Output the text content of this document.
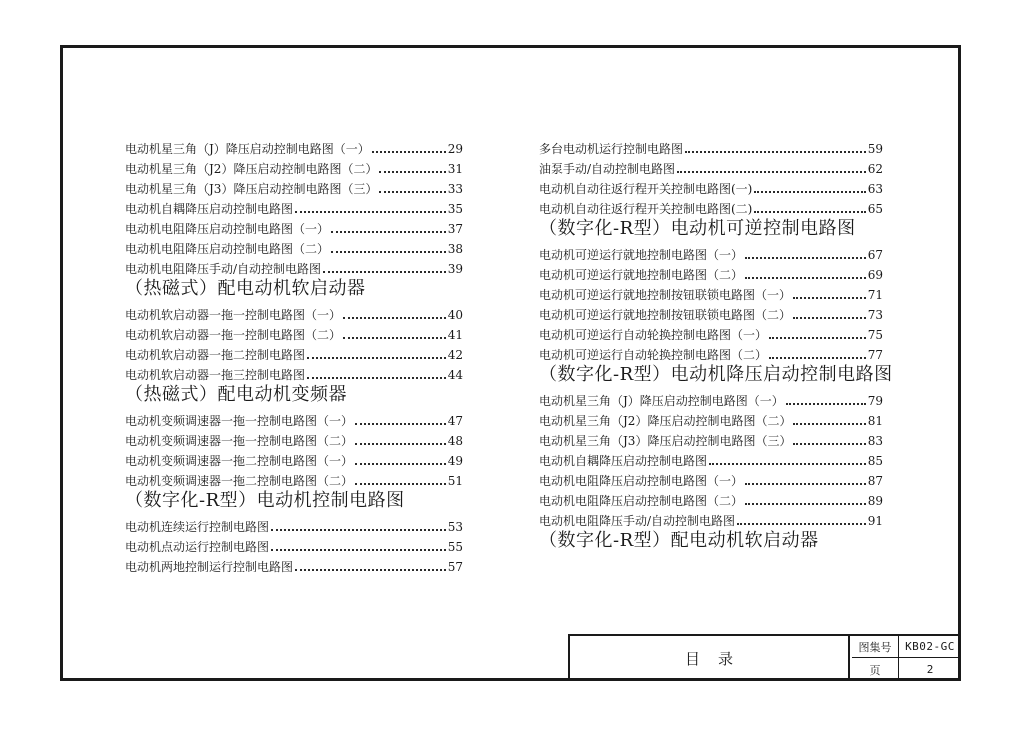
电动机星三角（J）降压启动控制电路图（一）	29
电动机星三角（J2）降压启动控制电路图（二）	31
电动机星三角（J3）降压启动控制电路图（三）	33
电动机自耦降压启动控制电路图	35
电动机电阻降压启动控制电路图（一）	37
电动机电阻降压启动控制电路图（二）	38
电动机电阻降压手动/自动控制电路图	39
（热磁式）配电动机软启动器
电动机软启动器一拖一控制电路图（一）	40
电动机软启动器一拖一控制电路图（二）	41
电动机软启动器一拖二控制电路图	42
电动机软启动器一拖三控制电路图	44
（热磁式）配电动机变频器
电动机变频调速器一拖一控制电路图（一）	47
电动机变频调速器一拖一控制电路图（二）	48
电动机变频调速器一拖二控制电路图（一）	49
电动机变频调速器一拖二控制电路图（二）	51
（数字化-R型）电动机控制电路图
电动机连续运行控制电路图	53
电动机点动运行控制电路图	55
电动机两地控制运行控制电路图	57
多台电动机运行控制电路图	59
油泵手动/自动控制电路图	62
电动机自动往返行程开关控制电路图(一)	63
电动机自动往返行程开关控制电路图(二)	65
（数字化-R型）电动机可逆控制电路图
电动机可逆运行就地控制电路图（一）	67
电动机可逆运行就地控制电路图（二）	69
电动机可逆运行就地控制按钮联锁电路图（一）	71
电动机可逆运行就地控制按钮联锁电路图（二）	73
电动机可逆运行自动轮换控制电路图（一）	75
电动机可逆运行自动轮换控制电路图（二）	77
（数字化-R型）电动机降压启动控制电路图
电动机星三角（J）降压启动控制电路图（一）	79
电动机星三角（J2）降压启动控制电路图（二）	81
电动机星三角（J3）降压启动控制电路图（三）	83
电动机自耦降压启动控制电路图	85
电动机电阻降压启动控制电路图（一）	87
电动机电阻降压启动控制电路图（二）	89
电动机电阻降压手动/自动控制电路图	91
（数字化-R型）配电动机软启动器
目录
图集号	KB02-GC
页	2
